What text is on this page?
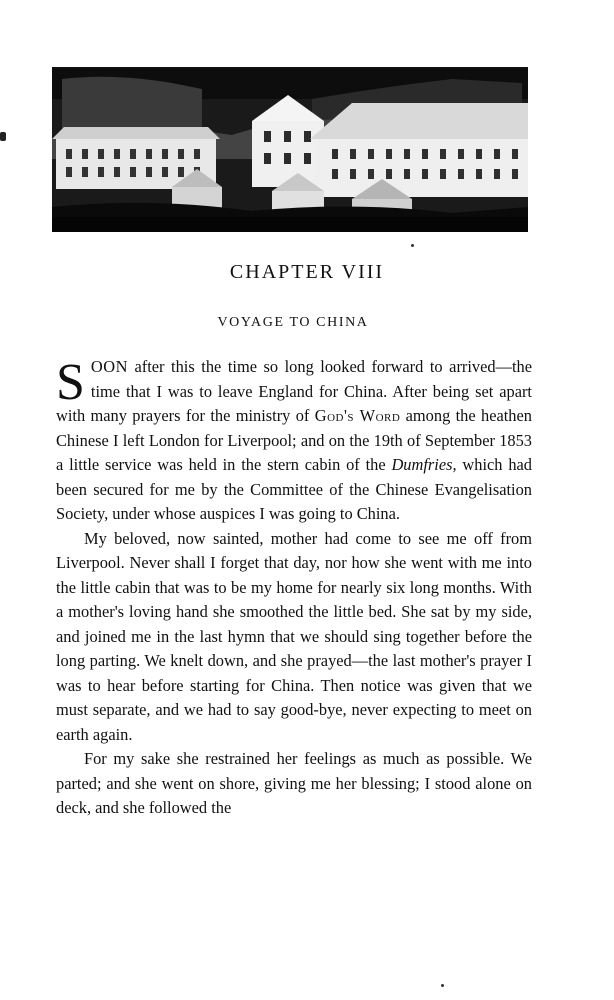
CHAPTER VIII
VOYAGE TO CHINA

SOON after this the time so long looked forward to arrived—the time that I was to leave England for China. After being set apart with many prayers for the ministry of God's Word among the heathen Chinese I left London for Liverpool; and on the 19th of September 1853 a little service was held in the stern cabin of the Dumfries, which had been secured for me by the Committee of the Chinese Evangelisation Society, under whose auspices I was going to China.

My beloved, now sainted, mother had come to see me off from Liverpool. Never shall I forget that day, nor how she went with me into the little cabin that was to be my home for nearly six long months. With a mother's loving hand she smoothed the little bed. She sat by my side, and joined me in the last hymn that we should sing together before the long parting. We knelt down, and she prayed—the last mother's prayer I was to hear before starting for China. Then notice was given that we must separate, and we had to say good-bye, never expecting to meet on earth again.

For my sake she restrained her feelings as much as possible. We parted; and she went on shore, giving me her blessing; I stood alone on deck, and she followed the
